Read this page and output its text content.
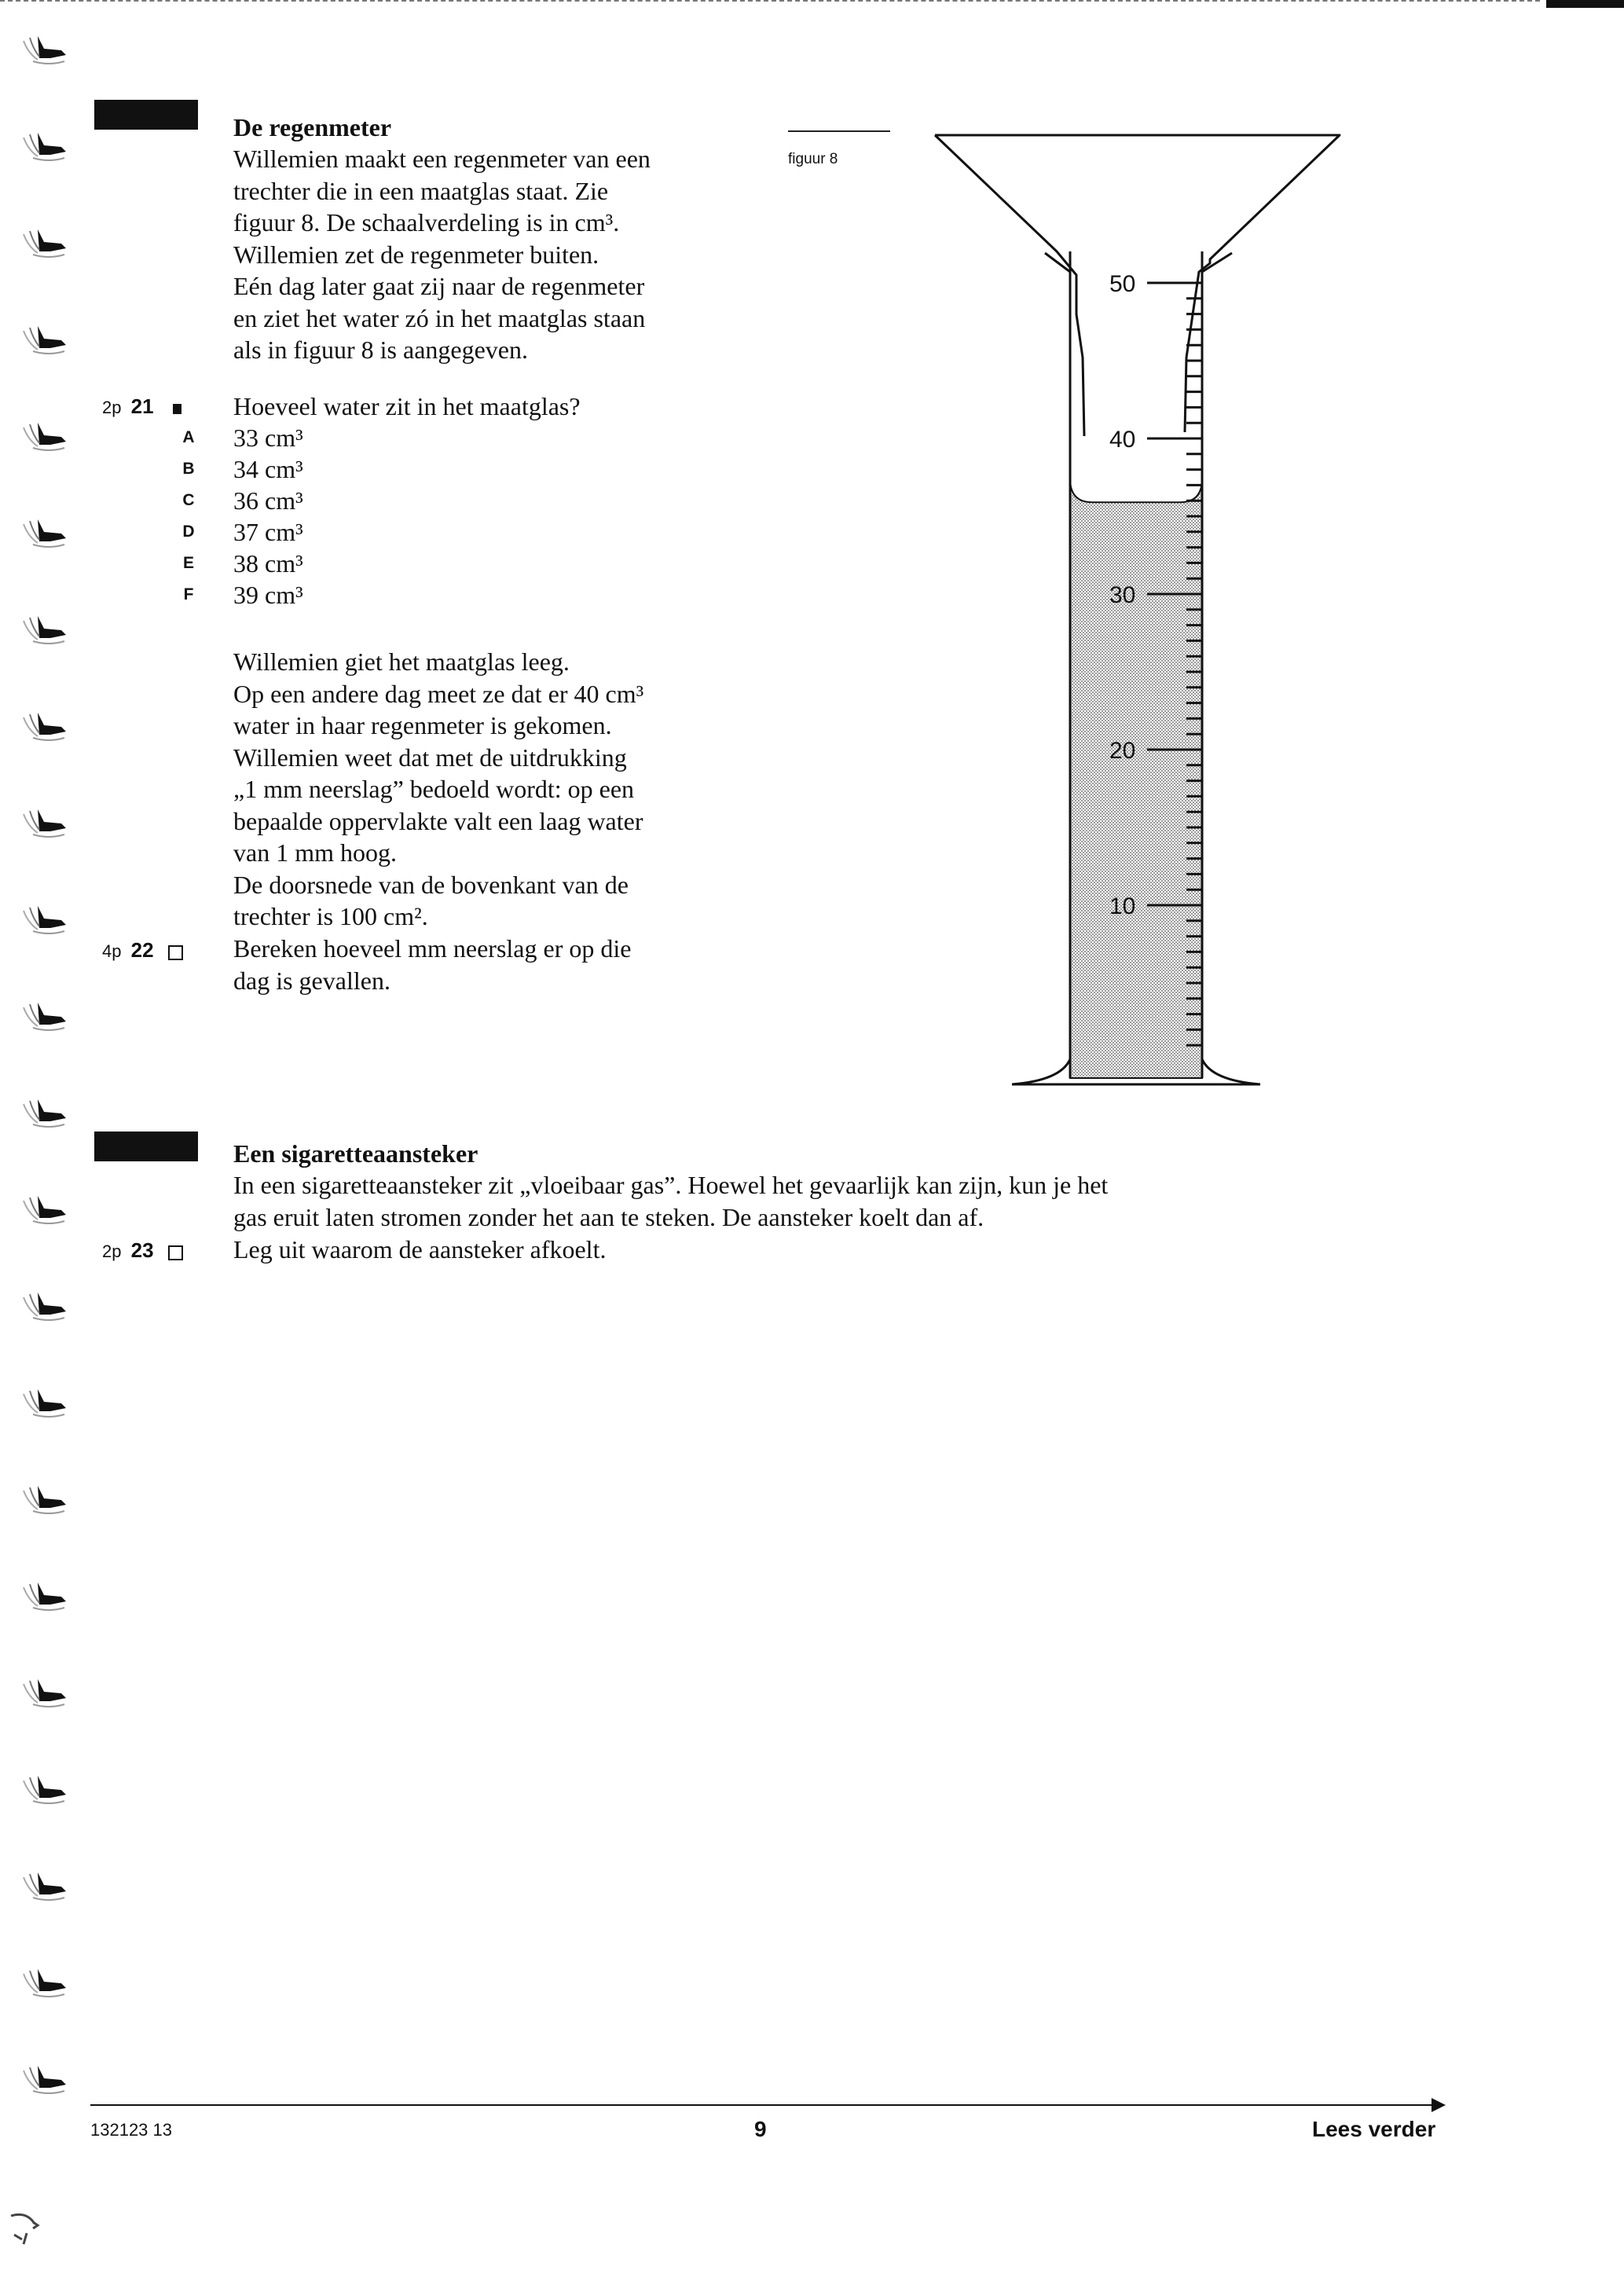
De regenmeter
Willemien maakt een regenmeter van een
trechter die in een maatglas staat. Zie
figuur 8. De schaalverdeling is in cm³.
Willemien zet de regenmeter buiten.
Eén dag later gaat zij naar de regenmeter
en ziet het water zó in het maatglas staan
als in figuur 8 is aangegeven.
2p 21	Hoeveel water zit in het maatglas?
A 33 cm³
B 34 cm³
C 36 cm³
D 37 cm³
E 38 cm³
F 39 cm³
Willemien giet het maatglas leeg.
Op een andere dag meet ze dat er 40 cm³
water in haar regenmeter is gekomen.
Willemien weet dat met de uitdrukking
„1 mm neerslag” bedoeld wordt: op een
bepaalde oppervlakte valt een laag water
van 1 mm hoog.
De doorsnede van de bovenkant van de
trechter is 100 cm².
4p 22	Bereken hoeveel mm neerslag er op die
dag is gevallen.
figuur 8
50
40
30
20
10
Een sigaretteaansteker
In een sigaretteaansteker zit „vloeibaar gas”. Hoewel het gevaarlijk kan zijn, kun je het
gas eruit laten stromen zonder het aan te steken. De aansteker koelt dan af.
2p 23	Leg uit waarom de aansteker afkoelt.
132123 13	9	Lees verder
